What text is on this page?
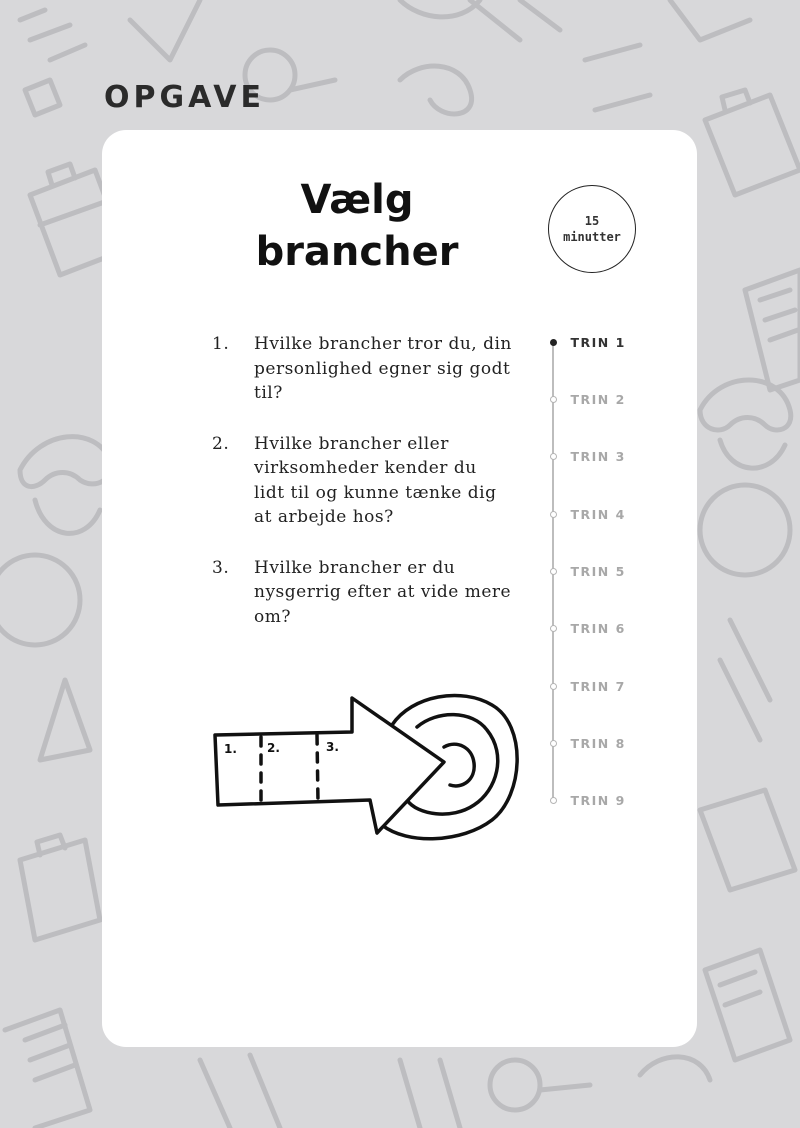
OPGAVE
Vælg
brancher
15
minutter
1.	Hvilke brancher tror du, din personlighed egner sig godt til?
2.	Hvilke brancher eller virksomheder kender du lidt til og kunne tænke dig at arbejde hos?
3.	Hvilke brancher er du nysgerrig efter at vide mere om?
TRIN 1
TRIN 2
TRIN 3
TRIN 4
TRIN 5
TRIN 6
TRIN 7
TRIN 8
TRIN 9
1.	2.	3.
